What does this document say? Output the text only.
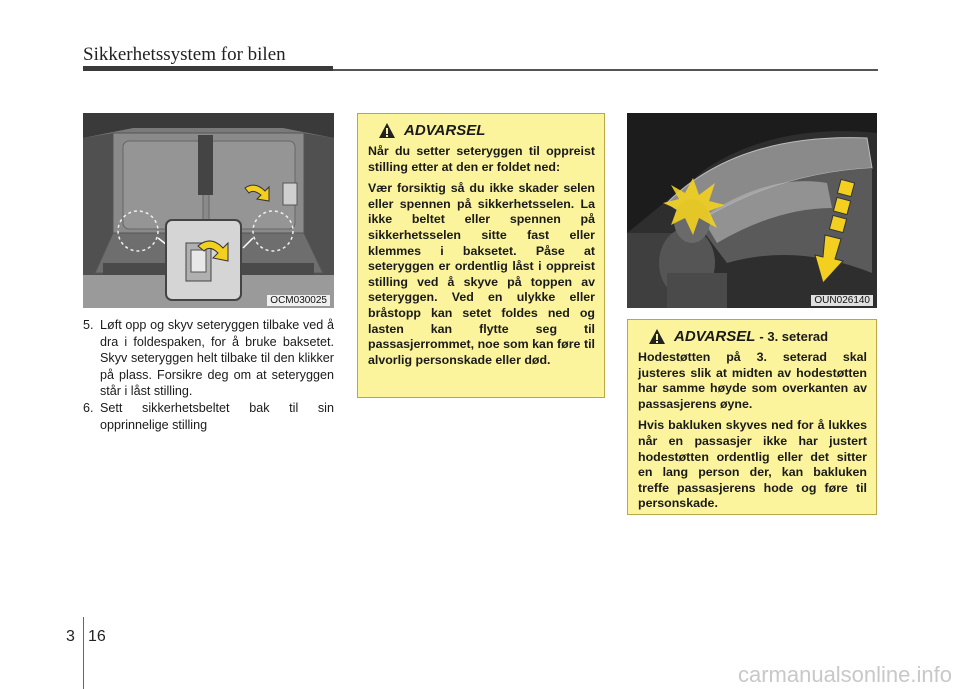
Sikkerhetssystem for bilen
OCM030025
5. Løft opp og skyv seteryggen tilbake ved å dra i foldespaken, for å bruke baksetet. Skyv seteryggen helt tilbake til den klikker på plass. Forsikre deg om at seteryggen står i låst stilling.
6. Sett sikkerhetsbeltet bak til sin opprinnelige stilling
ADVARSEL

Når du setter seteryggen til oppreist stilling etter at den er foldet ned:

Vær forsiktig så du ikke skader selen eller spennen på sikkerhetsselen. La ikke beltet eller spennen på sikkerhetsselen sitte fast eller klemmes i baksetet. Påse at seteryggen er ordentlig låst i oppreist stilling ved å skyve på toppen av seteryggen. Ved en ulykke eller bråstopp kan setet foldes ned og lasten kan flytte seg til passasjerrommet, noe som kan føre til alvorlig personskade eller død.

OUN026140
ADVARSEL - 3. seterad

Hodestøtten på 3. seterad skal justeres slik at midten av hodestøtten har samme høyde som overkanten av passasjerens øyne.

Hvis bakluken skyves ned for å lukkes når en passasjer ikke har justert hodestøtten ordentlig eller det sitter en lang person der, kan bakluken treffe passasjerens hode og føre til personskade.

3 16
carmanualsonline.info
